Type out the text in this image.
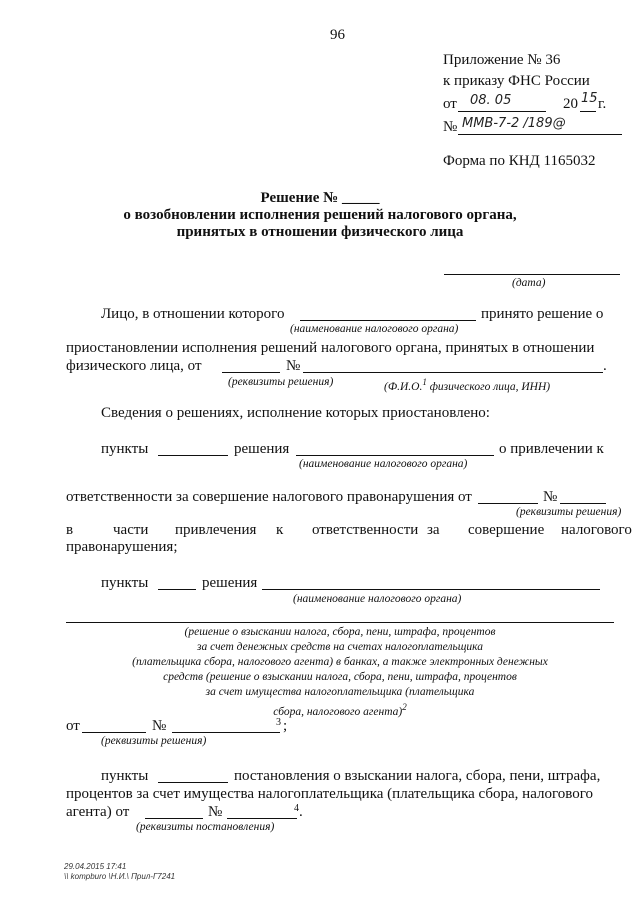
96
Приложение № 36
к приказу ФНС России
от 08. 05	20 15 г.
№ ММВ-7-2 /189@
Форма по КНД 1165032
Решение № _____
о возобновлении исполнения решений налогового органа,
принятых в отношении физического лица
(дата)
Лицо, в отношении которого	принято решение о
(наименование налогового органа)
приостановлении исполнения решений налогового органа, принятых в отношении
физического лица, от	№	.
(реквизиты решения)	(Ф.И.О.$^1$ физического лица, ИНН)
Сведения о решениях, исполнение которых приостановлено:
пункты	решения	о привлечении к
(наименование налогового органа)
ответственности за совершение налогового правонарушения от	№
(реквизиты решения)
в	части привлечения к ответственности за совершение налогового
правонарушения;
пункты	решения
(наименование налогового органа)
(решение о взыскании налога, сбора, пени, штрафа, процентов
за счет денежных средств на счетах налогоплательщика
(плательщика сбора, налогового агента) в банках, а также электронных денежных
средств (решение о взыскании налога, сбора, пени, штрафа, процентов
за счет имущества налогоплательщика (плательщика
сбора, налогового агента)$^2$
от	№	3 ;
(реквизиты решения)
пункты	постановления о взыскании налога, сбора, пени, штрафа,
процентов за счет имущества налогоплательщика (плательщика сбора, налогового
агента) от	№	4 .
(реквизиты постановления)
29.04.2015 17:41
\\ kompburo \Н.И.\ Прил-Г7241
